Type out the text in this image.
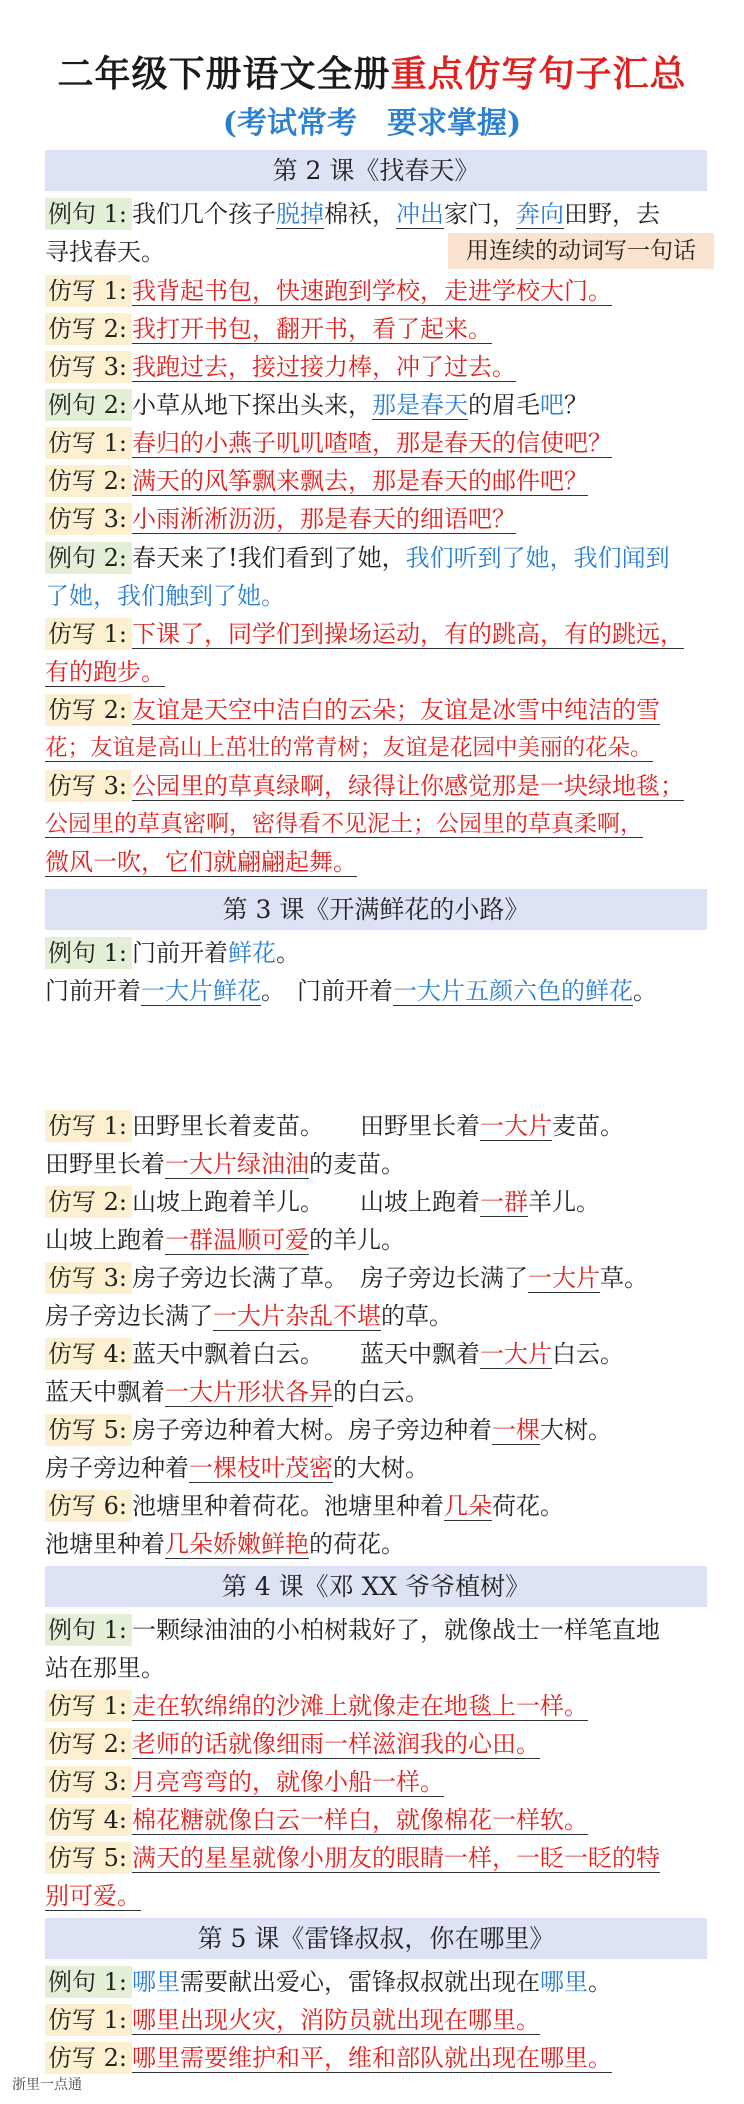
二年级下册语文全册重点仿写句子汇总
(考试常考　要求掌握)
第 2 课《找春天》
例句 1: 我们几个孩子脱掉棉袄，冲出家门，奔向田野，去
寻找春天。	用连续的动词写一句话
仿写 1: 我背起书包，快速跑到学校，走进学校大门。
仿写 2: 我打开书包，翻开书，看了起来。
仿写 3: 我跑过去，接过接力棒，冲了过去。
例句 2: 小草从地下探出头来，那是春天的眉毛吧？
仿写 1: 春归的小燕子叽叽喳喳，那是春天的信使吧？
仿写 2: 满天的风筝飘来飘去，那是春天的邮件吧？
仿写 3: 小雨淅淅沥沥，那是春天的细语吧？
例句 2: 春天来了!我们看到了她，我们听到了她，我们闻到
了她，我们触到了她。
仿写 1: 下课了，同学们到操场运动，有的跳高，有的跳远，
有的跑步。
仿写 2: 友谊是天空中洁白的云朵；友谊是冰雪中纯洁的雪
花；友谊是高山上茁壮的常青树；友谊是花园中美丽的花朵。
仿写 3: 公园里的草真绿啊，绿得让你感觉那是一块绿地毯；
公园里的草真密啊，密得看不见泥土；公园里的草真柔啊，
微风一吹，它们就翩翩起舞。
第 3 课《开满鲜花的小路》
例句 1: 门前开着鲜花。
门前开着一大片鲜花。　门前开着一大片五颜六色的鲜花。
仿写 1: 田野里长着麦苗。　　田野里长着一大片麦苗。
田野里长着一大片绿油油的麦苗。
仿写 2: 山坡上跑着羊儿。　　山坡上跑着一群羊儿。
山坡上跑着一群温顺可爱的羊儿。
仿写 3: 房子旁边长满了草。　房子旁边长满了一大片草。
房子旁边长满了一大片杂乱不堪的草。
仿写 4: 蓝天中飘着白云。　　蓝天中飘着一大片白云。
蓝天中飘着一大片形状各异的白云。
仿写 5: 房子旁边种着大树。房子旁边种着一棵大树。
房子旁边种着一棵枝叶茂密的大树。
仿写 6: 池塘里种着荷花。池塘里种着几朵荷花。
池塘里种着几朵娇嫩鲜艳的荷花。
第 4 课《邓 XX 爷爷植树》
例句 1: 一颗绿油油的小柏树栽好了，就像战士一样笔直地
站在那里。
仿写 1: 走在软绵绵的沙滩上就像走在地毯上一样。
仿写 2: 老师的话就像细雨一样滋润我的心田。
仿写 3: 月亮弯弯的，就像小船一样。
仿写 4: 棉花糖就像白云一样白，就像棉花一样软。
仿写 5: 满天的星星就像小朋友的眼睛一样，一眨一眨的特
别可爱。
第 5 课《雷锋叔叔，你在哪里》
例句 1: 哪里需要献出爱心，雷锋叔叔就出现在哪里。
仿写 1: 哪里出现火灾，消防员就出现在哪里。
仿写 2: 哪里需要维护和平，维和部队就出现在哪里。
浙里一点通
